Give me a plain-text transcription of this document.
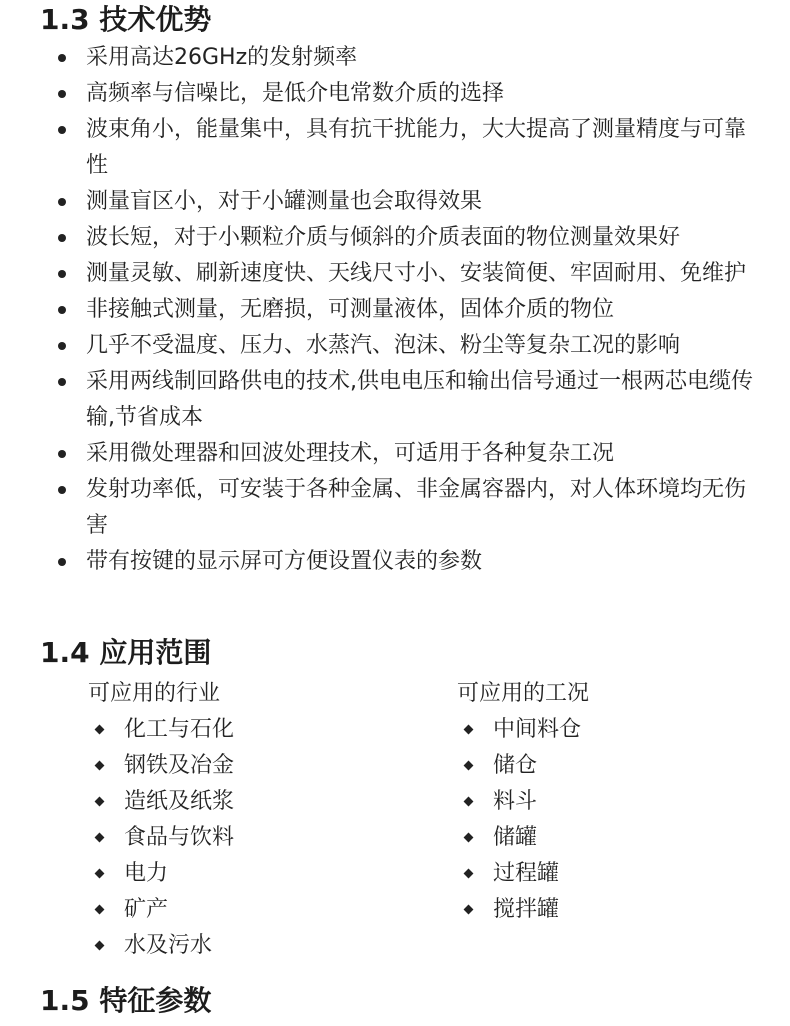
1.3 技术优势
采用高达26GHz的发射频率
高频率与信噪比，是低介电常数介质的选择
波束角小，能量集中，具有抗干扰能力，大大提高了测量精度与可靠性
测量盲区小，对于小罐测量也会取得效果
波长短，对于小颗粒介质与倾斜的介质表面的物位测量效果好
测量灵敏、刷新速度快、天线尺寸小、安装简便、牢固耐用、免维护
非接触式测量，无磨损，可测量液体，固体介质的物位
几乎不受温度、压力、水蒸汽、泡沫、粉尘等复杂工况的影响
采用两线制回路供电的技术,供电电压和输出信号通过一根两芯电缆传输,节省成本
采用微处理器和回波处理技术，可适用于各种复杂工况
发射功率低，可安装于各种金属、非金属容器内，对人体环境均无伤害
带有按键的显示屏可方便设置仪表的参数
1.4 应用范围
可应用的行业
化工与石化
钢铁及冶金
造纸及纸浆
食品与饮料
电力
矿产
水及污水
可应用的工况
中间料仓
储仓
料斗
储罐
过程罐
搅拌罐
1.5 特征参数
